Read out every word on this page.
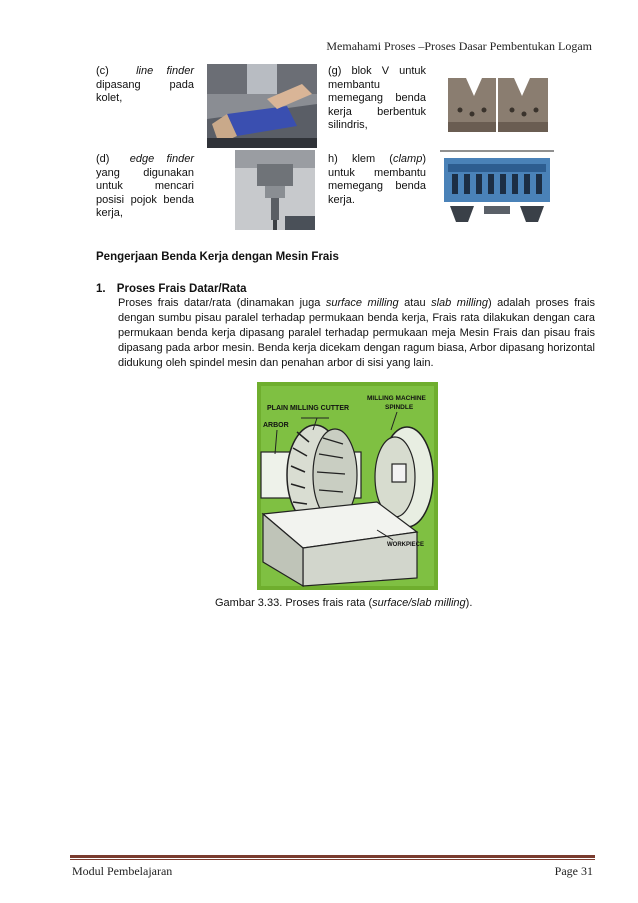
Memahami Proses –Proses Dasar Pembentukan Logam
(c) line finder dipasang pada kolet,
(g) blok V untuk membantu memegang benda kerja berbentuk silindris,
(d) edge finder yang digunakan untuk mencari posisi pojok benda kerja,
h) klem (clamp) untuk membantu memegang benda kerja.
Pengerjaan Benda Kerja dengan Mesin Frais
1. Proses Frais Datar/Rata
Proses frais datar/rata (dinamakan juga surface milling atau slab milling) adalah proses frais dengan sumbu pisau paralel terhadap permukaan benda kerja, Frais rata dilakukan dengan cara permukaan benda kerja dipasang paralel terhadap permukaan meja Mesin Frais dan pisau frais dipasang pada arbor mesin. Benda kerja dicekam dengan ragum biasa, Arbor dipasang horizontal didukung oleh spindel mesin dan penahan arbor di sisi yang lain.
PLAIN MILLING CUTTER
MILLING MACHINE
SPINDLE
ARBOR
WORKPIECE
Gambar 3.33. Proses frais rata (surface/slab milling).
Modul Pembelajaran	Page 31
